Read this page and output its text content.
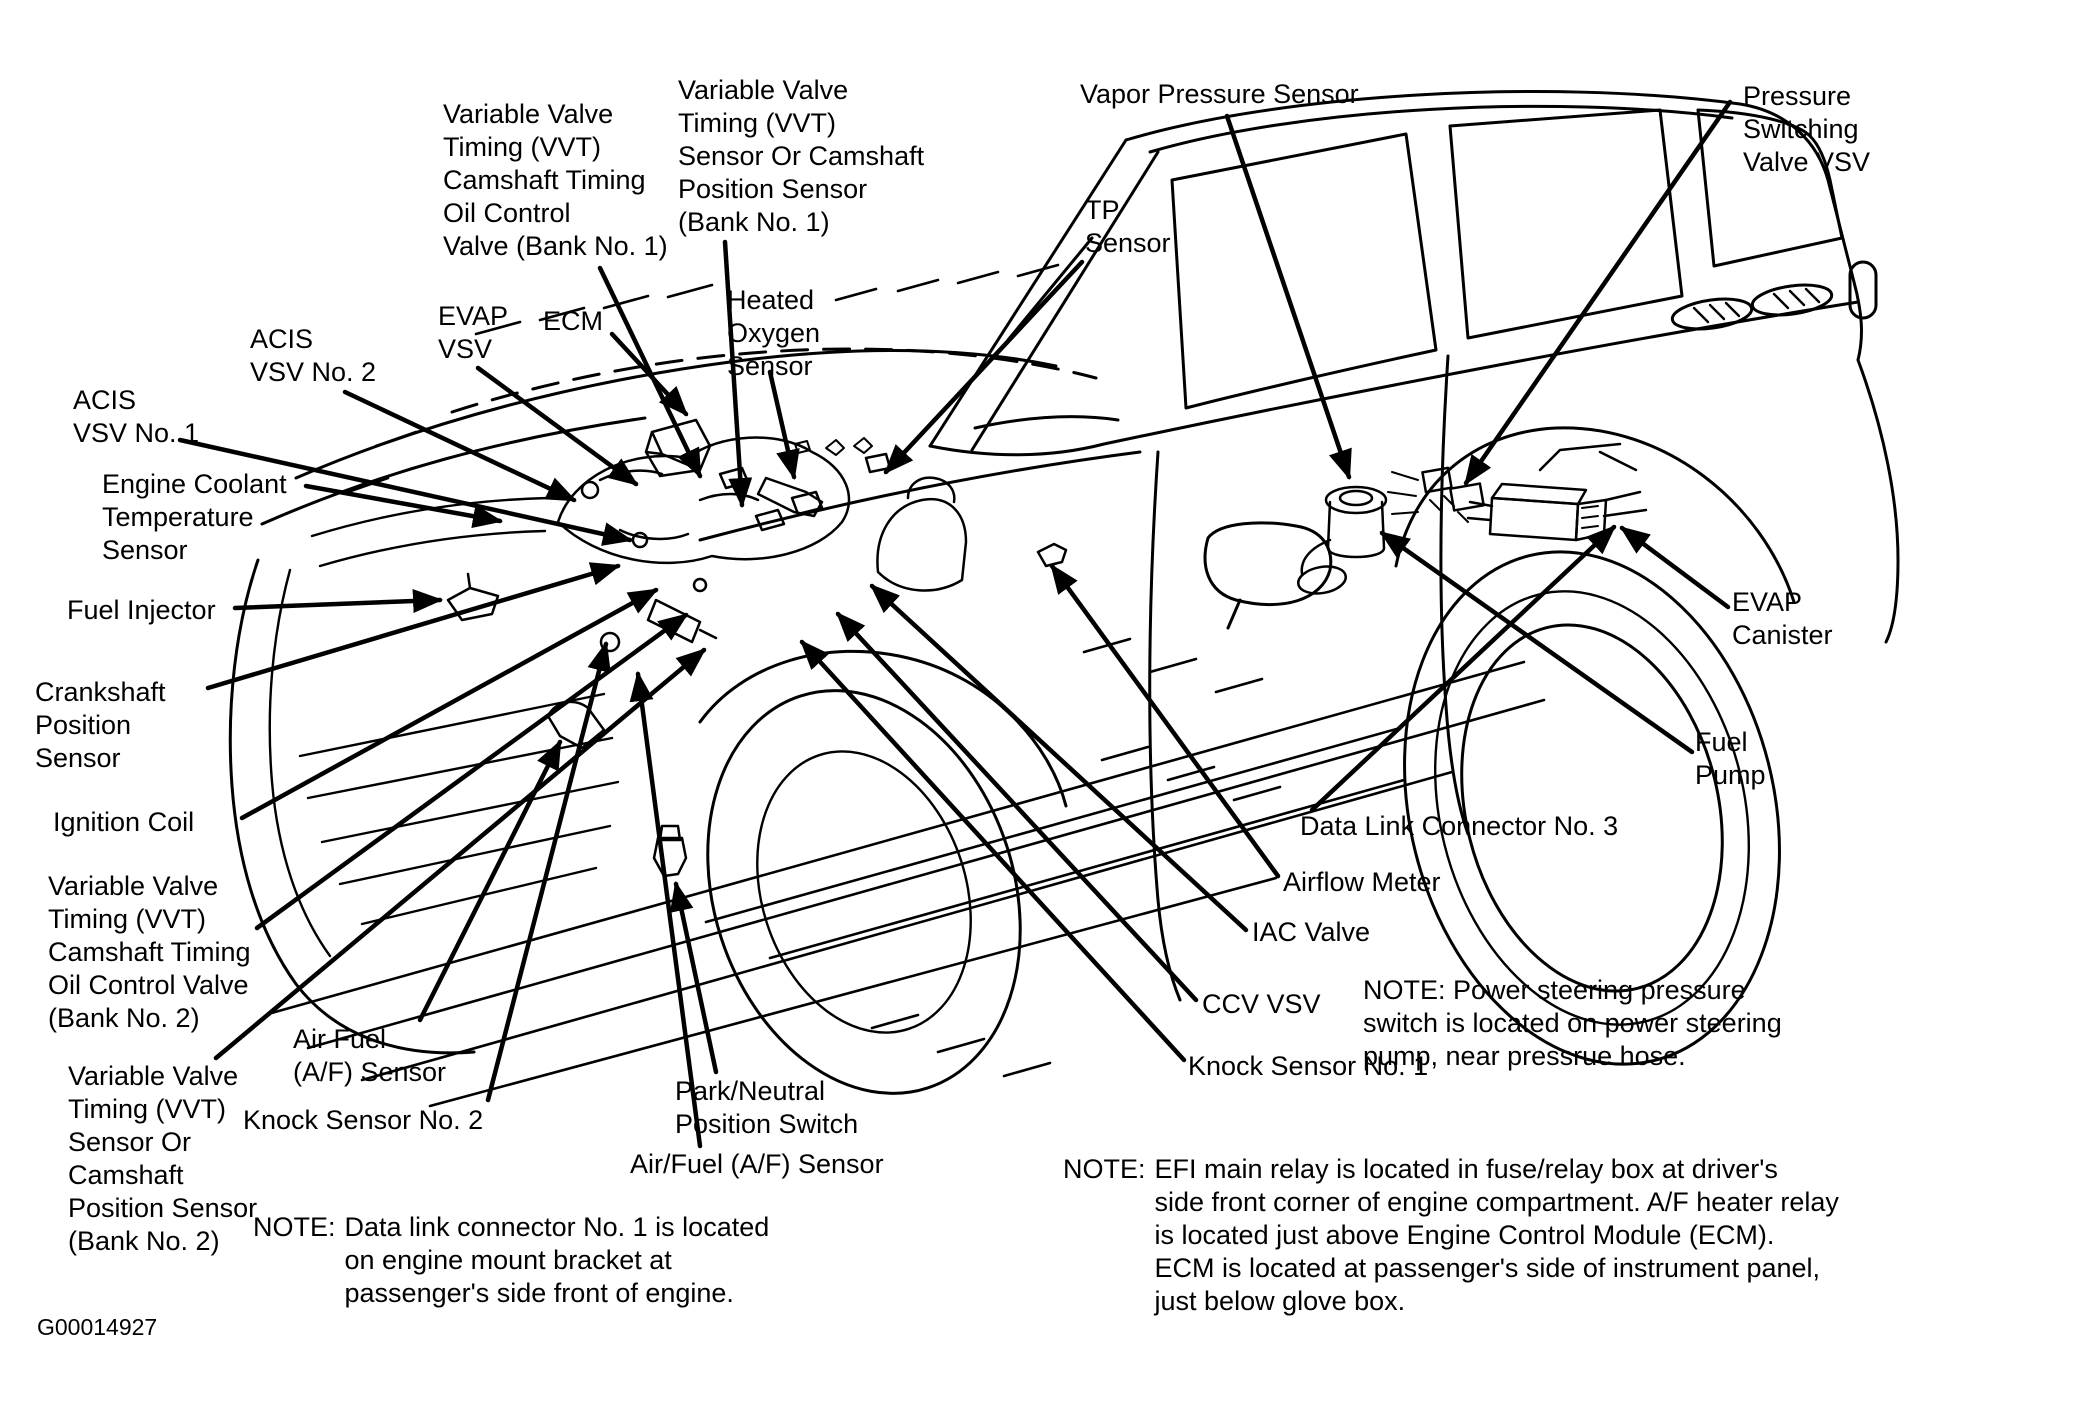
Variable Valve
Timing (VVT)
Camshaft Timing
Oil Control
Valve (Bank No. 1)
Variable Valve
Timing (VVT)
Sensor Or Camshaft
Position Sensor
(Bank No. 1)
Vapor Pressure Sensor	Pressure
Switching
Valve VSV
TP
Sensor
Heated
Oxygen
Sensor
ECM
EVAP
VSV
ACIS
VSV No. 2
ACIS
VSV No. 1
Engine Coolant
Temperature
Sensor
Fuel Injector
Crankshaft
Position
Sensor
Ignition Coil
Variable Valve
Timing (VVT)
Camshaft Timing
Oil Control Valve
(Bank No. 2)
Variable Valve
Timing (VVT)
Sensor Or
Camshaft
Position Sensor
(Bank No. 2)
Air Fuel
(A/F) Sensor
Knock Sensor No. 2
Park/Neutral
Position Switch
Air/Fuel (A/F) Sensor
Data Link Connector No. 3
Airflow Meter
IAC Valve
CCV VSV
Knock Sensor No. 1
EVAP
Canister
Fuel
Pump
NOTE: Data link connector No. 1 is located
on engine mount bracket at
passenger's side front of engine.
NOTE: Power steering pressure
switch is located on power steering
pump, near pressrue hose.
NOTE: EFI main relay is located in fuse/relay box at driver's
side front corner of engine compartment. A/F heater relay
is located just above Engine Control Module (ECM).
ECM is located at passenger's side of instrument panel,
just below glove box.
G00014927
